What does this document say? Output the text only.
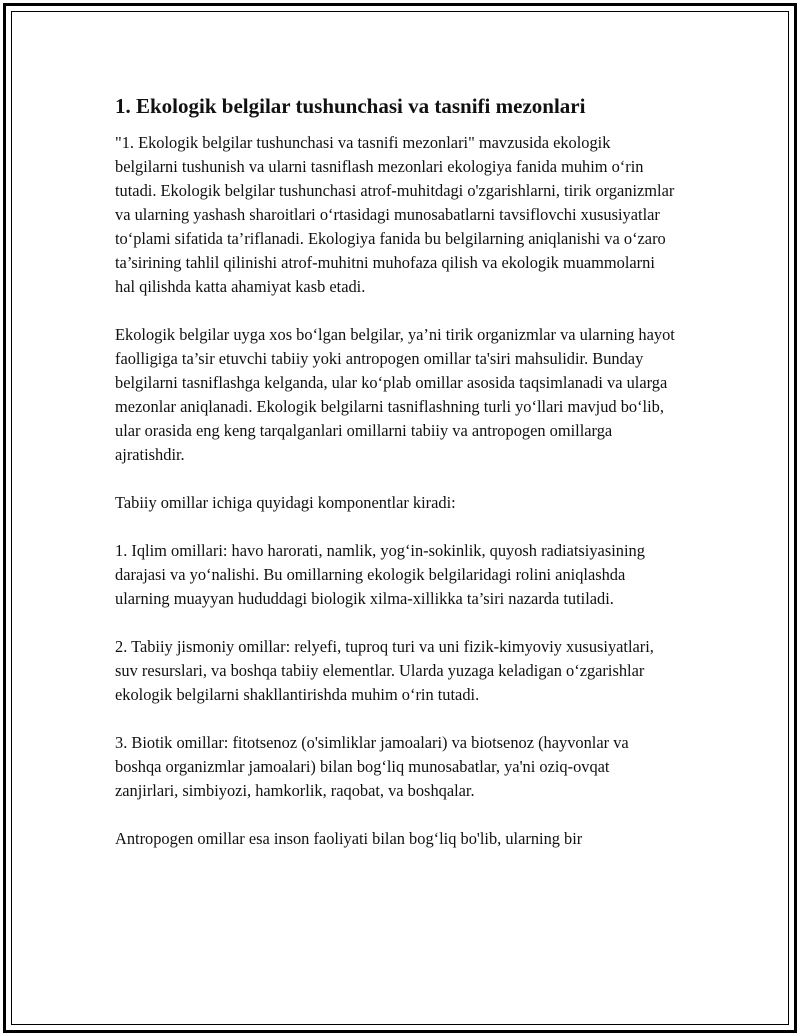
1. Ekologik belgilar tushunchasi va tasnifi mezonlari

"1. Ekologik belgilar tushunchasi va tasnifi mezonlari" mavzusida ekologik belgilarni tushunish va ularni tasniflash mezonlari ekologiya fanida muhim o‘rin tutadi. Ekologik belgilar tushunchasi atrof-muhitdagi o'zgarishlarni, tirik organizmlar va ularning yashash sharoitlari o‘rtasidagi munosabatlarni tavsiflovchi xususiyatlar to‘plami sifatida ta’riflanadi. Ekologiya fanida bu belgilarning aniqlanishi va o‘zaro ta’sirining tahlil qilinishi atrof-muhitni muhofaza qilish va ekologik muammolarni hal qilishda katta ahamiyat kasb etadi.

Ekologik belgilar uyga xos bo‘lgan belgilar, ya’ni tirik organizmlar va ularning hayot faolligiga ta’sir etuvchi tabiiy yoki antropogen omillar ta'siri mahsulidir. Bunday belgilarni tasniflashga kelganda, ular ko‘plab omillar asosida taqsimlanadi va ularga mezonlar aniqlanadi. Ekologik belgilarni tasniflashning turli yo‘llari mavjud bo‘lib, ular orasida eng keng tarqalganlari omillarni tabiiy va antropogen omillarga ajratishdir.

Tabiiy omillar ichiga quyidagi komponentlar kiradi:

1. Iqlim omillari: havo harorati, namlik, yog‘in-sokinlik, quyosh radiatsiyasining darajasi va yo‘nalishi. Bu omillarning ekologik belgilaridagi rolini aniqlashda ularning muayyan hududdagi biologik xilma-xillikka ta’siri nazarda tutiladi.

2. Tabiiy jismoniy omillar: relyefi, tuproq turi va uni fizik-kimyoviy xususiyatlari, suv resurslari, va boshqa tabiiy elementlar. Ularda yuzaga keladigan o‘zgarishlar ekologik belgilarni shakllantirishda muhim o‘rin tutadi.

3. Biotik omillar: fitotsenoz (o'simliklar jamoalari) va biotsenoz (hayvonlar va boshqa organizmlar jamoalari) bilan bog‘liq munosabatlar, ya'ni oziq-ovqat zanjirlari, simbiyozi, hamkorlik, raqobat, va boshqalar.

Antropogen omillar esa inson faoliyati bilan bog‘liq bo'lib, ularning bir
